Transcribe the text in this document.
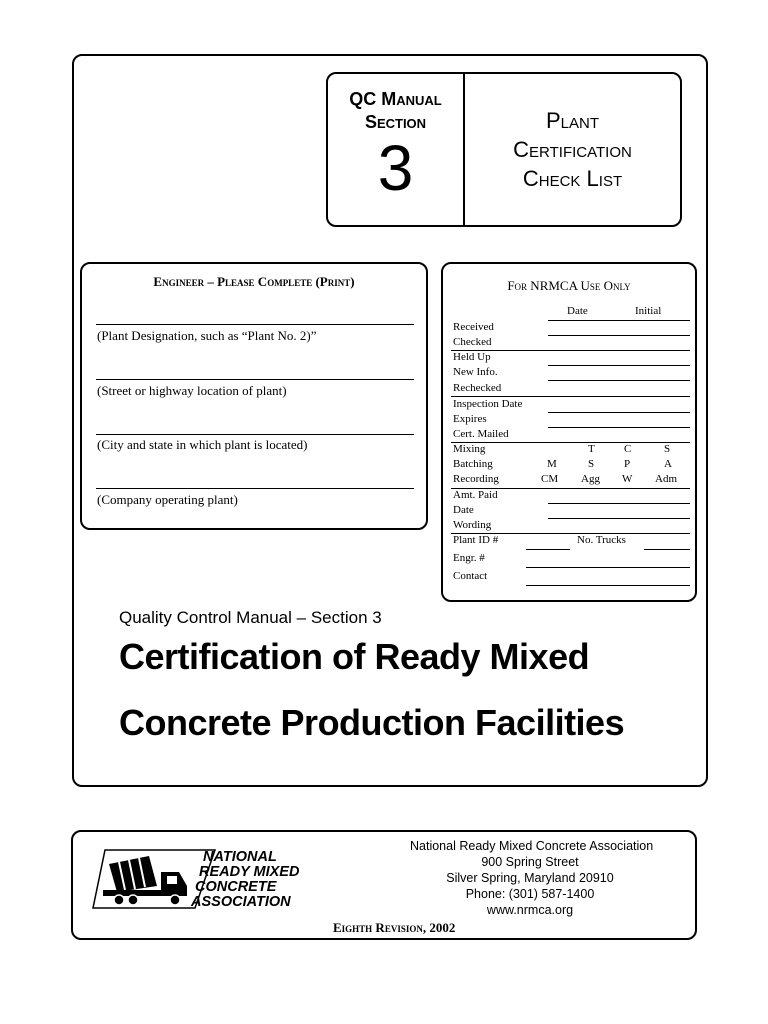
QC Manual
Section
3
Plant
Certification
Check List
Engineer – Please Complete (Print)
(Plant Designation, such as “Plant No. 2)”
(Street or highway location of plant)
(City and state in which plant is located)
(Company operating plant)
For NRMCA Use Only
Date	Initial
Received
Checked
Held Up
New Info.
Rechecked
Inspection Date
Expires
Cert. Mailed
Mixing
Batching
Recording
M
CM
T
S
Agg
C
P
W
S
A
Adm
Amt. Paid
Date
Wording
Plant ID #	No. Trucks
Engr. #
Contact
Quality Control Manual – Section 3
Certification of Ready Mixed
Concrete Production Facilities
NATIONAL
READY MIXED
CONCRETE
ASSOCIATION
National Ready Mixed Concrete Association
900 Spring Street
Silver Spring, Maryland 20910
Phone: (301) 587-1400
www.nrmca.org
Eighth Revision, 2002
